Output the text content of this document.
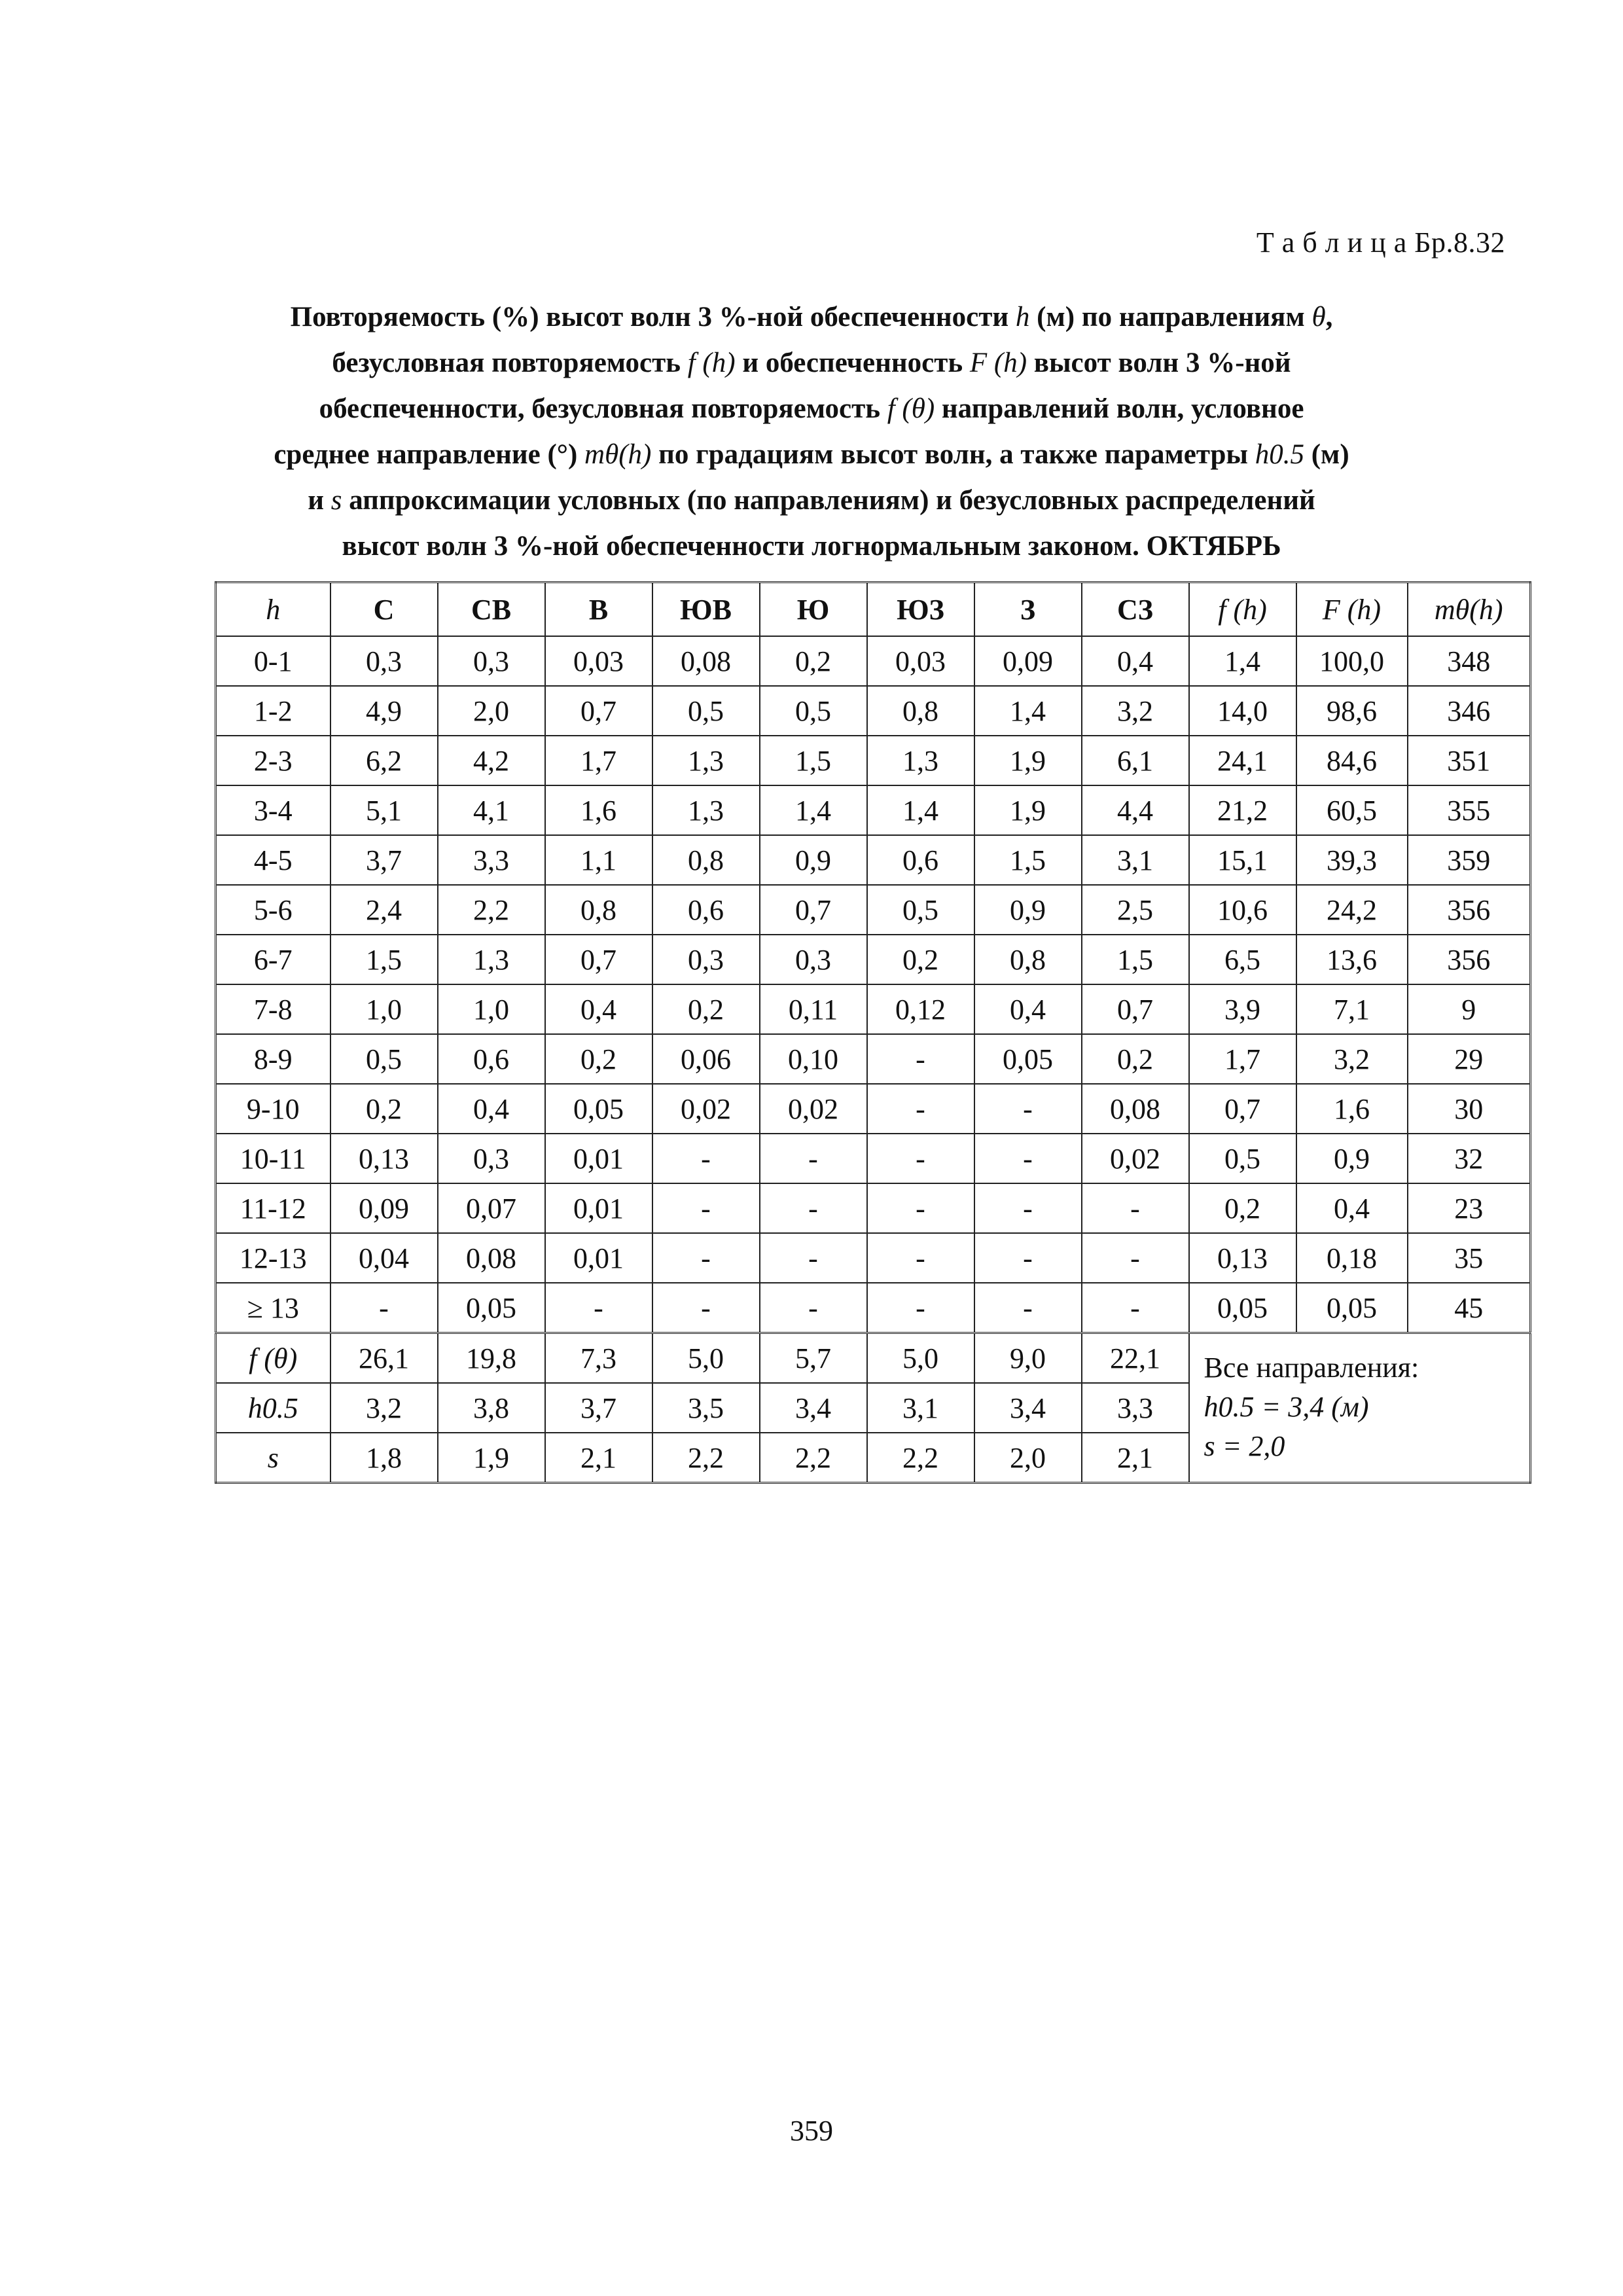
Т а б л и ц а Бр.8.32
Повторяемость (%) высот волн 3 %-ной обеспеченности h (м) по направлениям θ,
безусловная повторяемость f (h) и обеспеченность F (h) высот волн 3 %-ной
обеспеченности, безусловная повторяемость f (θ) направлений волн, условное
среднее направление (°) mθ(h) по градациям высот волн, а также параметры h0.5 (м)
и s аппроксимации условных (по направлениям) и безусловных распределений
высот волн 3 %-ной обеспеченности логнормальным законом. ОКТЯБРЬ
h	С	СВ	В	ЮВ	Ю	ЮЗ	З	СЗ	f (h)	F (h)	mθ(h)
0-1	0,3	0,3	0,03	0,08	0,2	0,03	0,09	0,4	1,4	100,0	348
1-2	4,9	2,0	0,7	0,5	0,5	0,8	1,4	3,2	14,0	98,6	346
2-3	6,2	4,2	1,7	1,3	1,5	1,3	1,9	6,1	24,1	84,6	351
3-4	5,1	4,1	1,6	1,3	1,4	1,4	1,9	4,4	21,2	60,5	355
4-5	3,7	3,3	1,1	0,8	0,9	0,6	1,5	3,1	15,1	39,3	359
5-6	2,4	2,2	0,8	0,6	0,7	0,5	0,9	2,5	10,6	24,2	356
6-7	1,5	1,3	0,7	0,3	0,3	0,2	0,8	1,5	6,5	13,6	356
7-8	1,0	1,0	0,4	0,2	0,11	0,12	0,4	0,7	3,9	7,1	9
8-9	0,5	0,6	0,2	0,06	0,10	-	0,05	0,2	1,7	3,2	29
9-10	0,2	0,4	0,05	0,02	0,02	-	-	0,08	0,7	1,6	30
10-11	0,13	0,3	0,01	-	-	-	-	0,02	0,5	0,9	32
11-12	0,09	0,07	0,01	-	-	-	-	-	0,2	0,4	23
12-13	0,04	0,08	0,01	-	-	-	-	-	0,13	0,18	35
≥ 13	-	0,05	-	-	-	-	-	-	0,05	0,05	45
f (θ)	26,1	19,8	7,3	5,0	5,7	5,0	9,0	22,1	Все направления:
h0.5 = 3,4 (м)
s = 2,0		

h0.5	3,2	3,8	3,7	3,5	3,4	3,1	3,4	3,3			
s	1,8	1,9	2,1	2,2	2,2	2,2	2,0	2,1			
359
